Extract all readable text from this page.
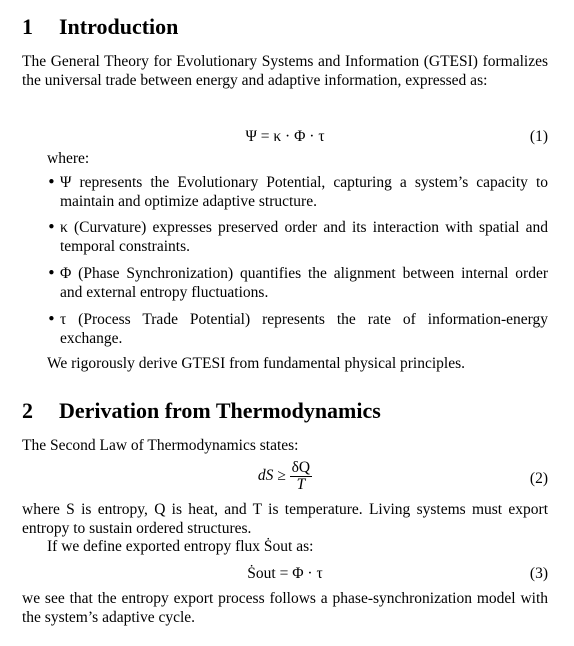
1 Introduction

The General Theory for Evolutionary Systems and Information (GTESI) formalizes the universal trade between energy and adaptive information, expressed as:

Ψ = κ · Φ · τ	(1)

where:

• Ψ represents the Evolutionary Potential, capturing a system’s capacity to maintain and optimize adaptive structure.
• κ (Curvature) expresses preserved order and its interaction with spatial and temporal constraints.
• Φ (Phase Synchronization) quantifies the alignment between internal order and external entropy fluctuations.
• τ (Process Trade Potential) represents the rate of information-energy exchange.

We rigorously derive GTESI from fundamental physical principles.

2 Derivation from Thermodynamics

The Second Law of Thermodynamics states:

dS ≥ $\frac{\delta Q}{T}$	(2)

where S is entropy, Q is heat, and T is temperature. Living systems must export entropy to sustain ordered structures.

If we define exported entropy flux Ṡout as:

Ṡout = Φ · τ	(3)

we see that the entropy export process follows a phase-synchronization model with the system’s adaptive cycle.
